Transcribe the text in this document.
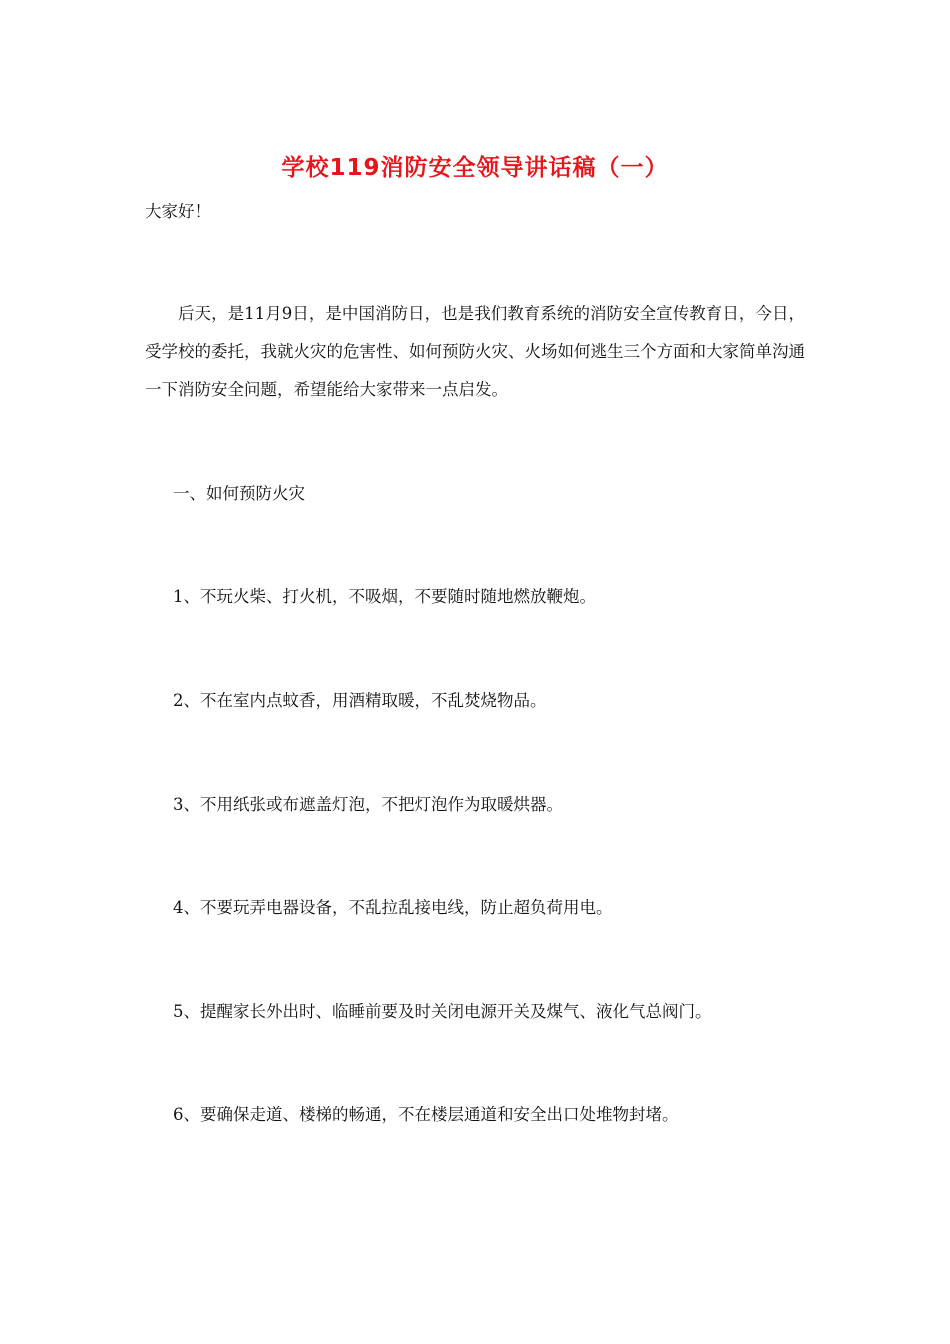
学校119消防安全领导讲话稿（一）

大家好！

后天，是11月9日，是中国消防日，也是我们教育系统的消防安全宣传教育日，今日，受学校的委托，我就火灾的危害性、如何预防火灾、火场如何逃生三个方面和大家简单沟通一下消防安全问题，希望能给大家带来一点启发。

一、如何预防火灾

1、不玩火柴、打火机，不吸烟，不要随时随地燃放鞭炮。

2、不在室内点蚊香，用酒精取暖，不乱焚烧物品。

3、不用纸张或布遮盖灯泡，不把灯泡作为取暖烘器。

4、不要玩弄电器设备，不乱拉乱接电线，防止超负荷用电。

5、提醒家长外出时、临睡前要及时关闭电源开关及煤气、液化气总阀门。

6、要确保走道、楼梯的畅通，不在楼层通道和安全出口处堆物封堵。
